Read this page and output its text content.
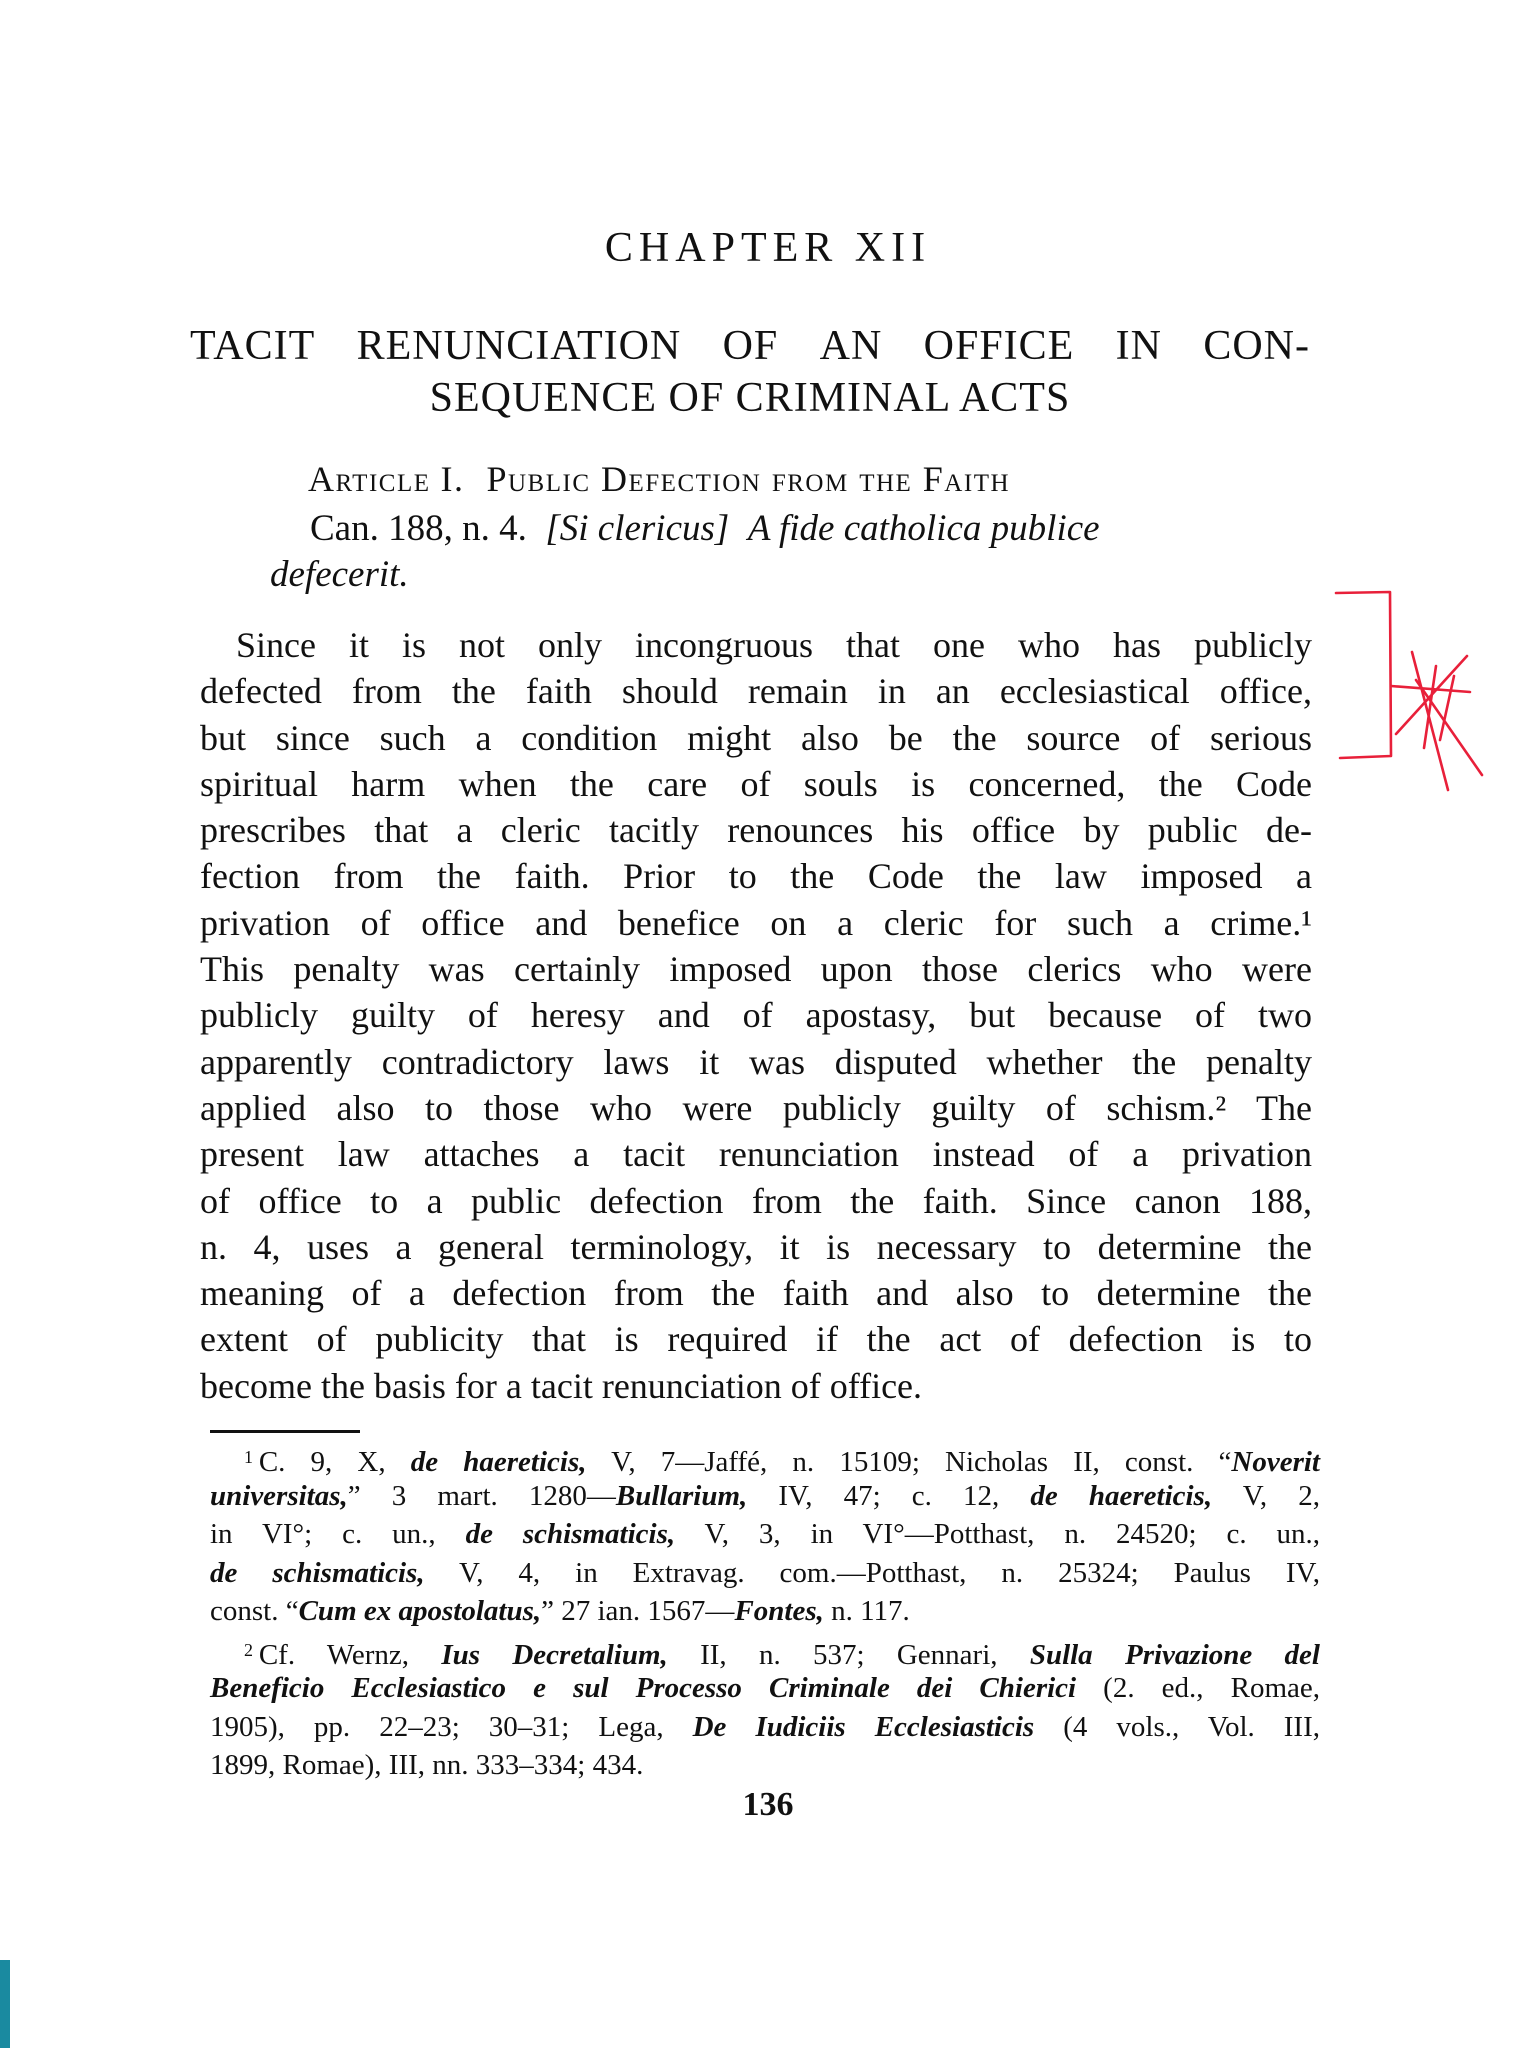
CHAPTER XII
TACIT RENUNCIATION OF AN OFFICE IN CON-
SEQUENCE OF CRIMINAL ACTS
Article I. Public Defection from the Faith
Can. 188, n. 4. [Si clericus] A fide catholica publice
defecerit.
Since it is not only incongruous that one who has publicly
defected from the faith should remain in an ecclesiastical office,
but since such a condition might also be the source of serious
spiritual harm when the care of souls is concerned, the Code
prescribes that a cleric tacitly renounces his office by public de-
fection from the faith. Prior to the Code the law imposed a
privation of office and benefice on a cleric for such a crime.¹
This penalty was certainly imposed upon those clerics who were
publicly guilty of heresy and of apostasy, but because of two
apparently contradictory laws it was disputed whether the penalty
applied also to those who were publicly guilty of schism.² The
present law attaches a tacit renunciation instead of a privation
of office to a public defection from the faith. Since canon 188,
n. 4, uses a general terminology, it is necessary to determine the
meaning of a defection from the faith and also to determine the
extent of publicity that is required if the act of defection is to
become the basis for a tacit renunciation of office.
$^1$  C. 9, X, de haereticis, V, 7—Jaffé, n. 15109; Nicholas II, const. “Noverit
universitas,” 3 mart. 1280—Bullarium, IV, 47; c. 12, de haereticis, V, 2,
in VI°; c. un., de schismaticis, V, 3, in VI°—Potthast, n. 24520; c. un.,
de schismaticis, V, 4, in Extravag. com.—Potthast, n. 25324; Paulus IV,
const. “Cum ex apostolatus,” 27 ian. 1567—Fontes, n. 117.
$^2$  Cf. Wernz, Ius Decretalium, II, n. 537; Gennari, Sulla Privazione del
Beneficio Ecclesiastico e sul Processo Criminale dei Chierici (2. ed., Romae,
1905), pp. 22–23; 30–31; Lega, De Iudiciis Ecclesiasticis (4 vols., Vol. III,
1899, Romae), III, nn. 333–334; 434.
136
